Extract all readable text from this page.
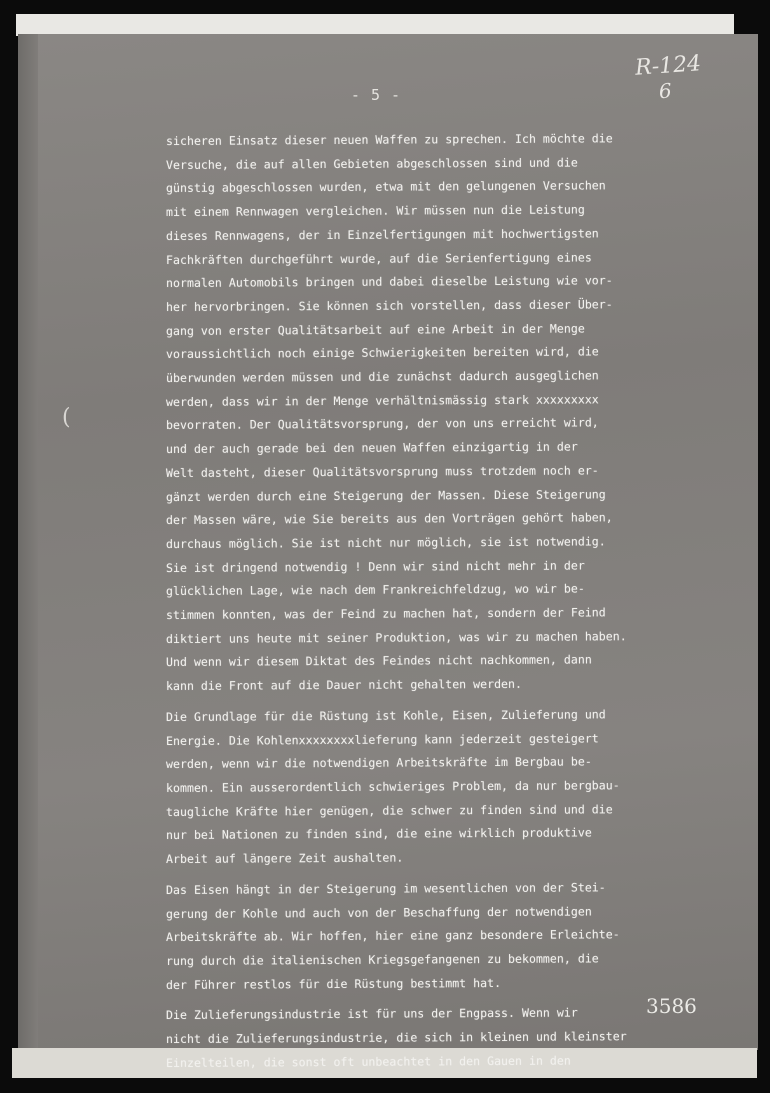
- 5 -
R-124
6
(
sicheren Einsatz dieser neuen Waffen zu sprechen. Ich möchte die
Versuche, die auf allen Gebieten abgeschlossen sind und die
günstig abgeschlossen wurden, etwa mit den gelungenen Versuchen
mit einem Rennwagen vergleichen. Wir müssen nun die Leistung
dieses Rennwagens, der in Einzelfertigungen mit hochwertigsten
Fachkräften durchgeführt wurde, auf die Serienfertigung eines
normalen Automobils bringen und dabei dieselbe Leistung wie vor-
her hervorbringen. Sie können sich vorstellen, dass dieser Über-
gang von erster Qualitätsarbeit auf eine Arbeit in der Menge
voraussichtlich noch einige Schwierigkeiten bereiten wird, die
überwunden werden müssen und die zunächst dadurch ausgeglichen
werden, dass wir in der Menge verhältnismässig stark xxxxxxxxx
bevorraten. Der Qualitätsvorsprung, der von uns erreicht wird,
und der auch gerade bei den neuen Waffen einzigartig in der
Welt dasteht, dieser Qualitätsvorsprung muss trotzdem noch er-
gänzt werden durch eine Steigerung der Massen. Diese Steigerung
der Massen wäre, wie Sie bereits aus den Vorträgen gehört haben,
durchaus möglich. Sie ist nicht nur möglich, sie ist notwendig.
Sie ist dringend notwendig ! Denn wir sind nicht mehr in der
glücklichen Lage, wie nach dem Frankreichfeldzug, wo wir be-
stimmen konnten, was der Feind zu machen hat, sondern der Feind
diktiert uns heute mit seiner Produktion, was wir zu machen haben.
Und wenn wir diesem Diktat des Feindes nicht nachkommen, dann
kann die Front auf die Dauer nicht gehalten werden.
Die Grundlage für die Rüstung ist Kohle, Eisen, Zulieferung und
Energie. Die Kohlenxxxxxxxxlieferung kann jederzeit gesteigert
werden, wenn wir die notwendigen Arbeitskräfte im Bergbau be-
kommen. Ein ausserordentlich schwieriges Problem, da nur bergbau-
taugliche Kräfte hier genügen, die schwer zu finden sind und die
nur bei Nationen zu finden sind, die eine wirklich produktive
Arbeit auf längere Zeit aushalten.
Das Eisen hängt in der Steigerung im wesentlichen von der Stei-
gerung der Kohle und auch von der Beschaffung der notwendigen
Arbeitskräfte ab. Wir hoffen, hier eine ganz besondere Erleichte-
rung durch die italienischen Kriegsgefangenen zu bekommen, die
der Führer restlos für die Rüstung bestimmt hat.
Die Zulieferungsindustrie ist für uns der Engpass. Wenn wir
nicht die Zulieferungsindustrie, die sich in kleinen und kleinster
Einzelteilen, die sonst oft unbeachtet in den Gauen in den
3586
